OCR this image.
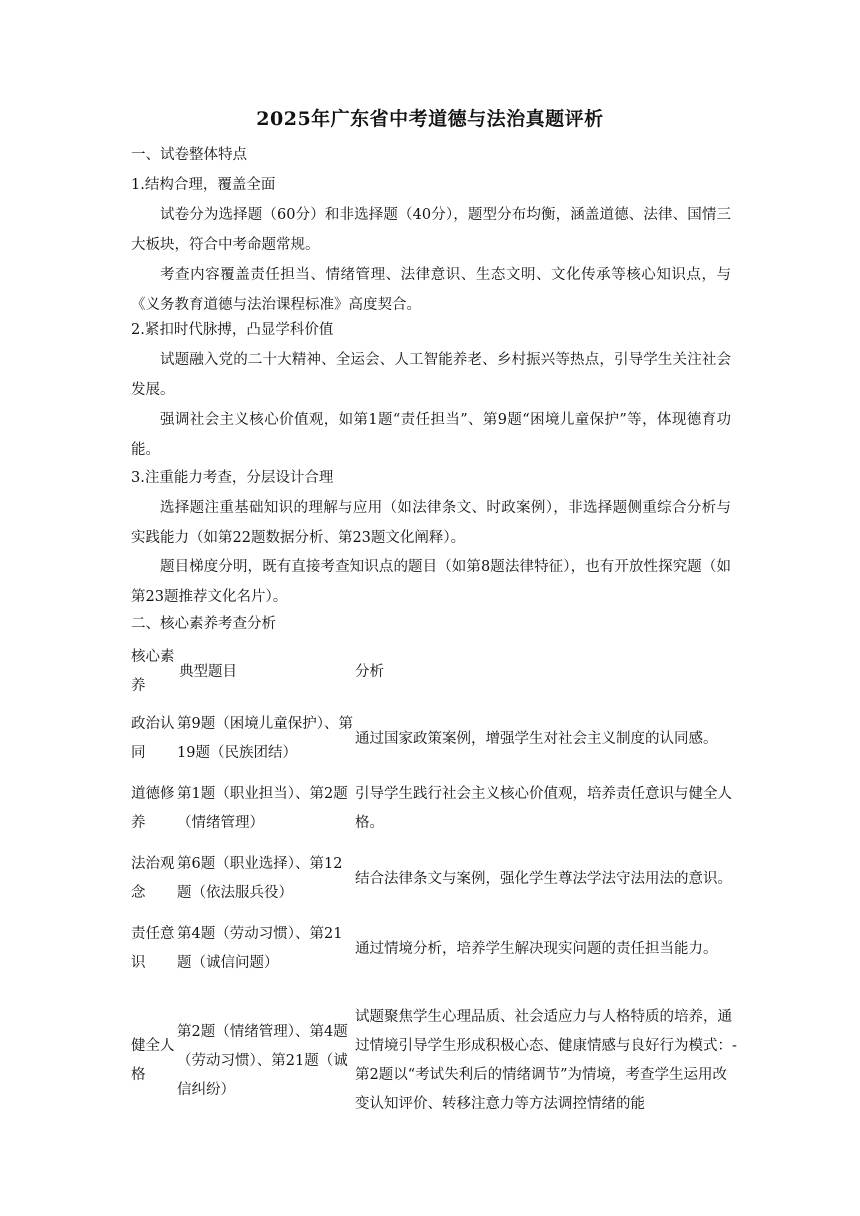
2025年广东省中考道德与法治真题评析
一、试卷整体特点
1.结构合理，覆盖全面
试卷分为选择题（60分）和非选择题（40分），题型分布均衡，涵盖道德、法律、国情三大板块，符合中考命题常规。
考查内容覆盖责任担当、情绪管理、法律意识、生态文明、文化传承等核心知识点，与《义务教育道德与法治课程标准》高度契合。
2.紧扣时代脉搏，凸显学科价值
试题融入党的二十大精神、全运会、人工智能养老、乡村振兴等热点，引导学生关注社会发展。
强调社会主义核心价值观，如第1题“责任担当”、第9题“困境儿童保护”等，体现德育功能。
3.注重能力考查，分层设计合理
选择题注重基础知识的理解与应用（如法律条文、时政案例），非选择题侧重综合分析与实践能力（如第22题数据分析、第23题文化阐释）。
题目梯度分明，既有直接考查知识点的题目（如第8题法律特征），也有开放性探究题（如第23题推荐文化名片）。
二、核心素养考查分析
核心素养	典型题目	分析

政治认同	第9题（困境儿童保护）、第19题（民族团结）	通过国家政策案例，增强学生对社会主义制度的认同感。

道德修养	第1题（职业担当）、第2题（情绪管理）	引导学生践行社会主义核心价值观，培养责任意识与健全人格。

法治观念	第6题（职业选择）、第12题（依法服兵役）	结合法律条文与案例，强化学生尊法学法守法用法的意识。

责任意识	第4题（劳动习惯）、第21题（诚信问题）	通过情境分析，培养学生解决现实问题的责任担当能力。

健全人格	第2题（情绪管理）、第4题（劳动习惯）、第21题（诚信纠纷）	试题聚焦学生心理品质、社会适应力与人格特质的培养，通过情境引导学生形成积极心态、健康情感与良好行为模式：- 第2题以“考试失利后的情绪调节”为情境，考查学生运用改变认知评价、转移注意力等方法调控情绪的能
